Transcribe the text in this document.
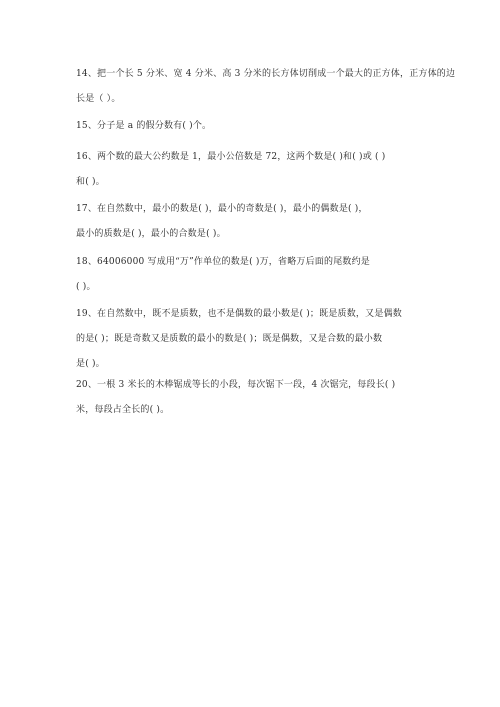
14、把一个长 5 分米、宽 4 分米、高 3 分米的长方体切削成一个最大的正方体，正方体的边
长是（ ）。
15、分子是 a 的假分数有( )个。
16、两个数的最大公约数是 1，最小公倍数是 72，这两个数是( )和( )或 ( )
和( )。
17、在自然数中，最小的数是( )，最小的奇数是( )，最小的偶数是( )，
最小的质数是( )，最小的合数是( )。
18、64006000 写成用“万”作单位的数是( )万，省略万后面的尾数约是
( )。
19、在自然数中，既不是质数，也不是偶数的最小数是( )；既是质数，又是偶数
的是( )；既是奇数又是质数的最小的数是( )；既是偶数，又是合数的最小数
是( )。
20、一根 3 米长的木棒锯成等长的小段，每次锯下一段，4 次锯完，每段长( )
米，每段占全长的( )。
